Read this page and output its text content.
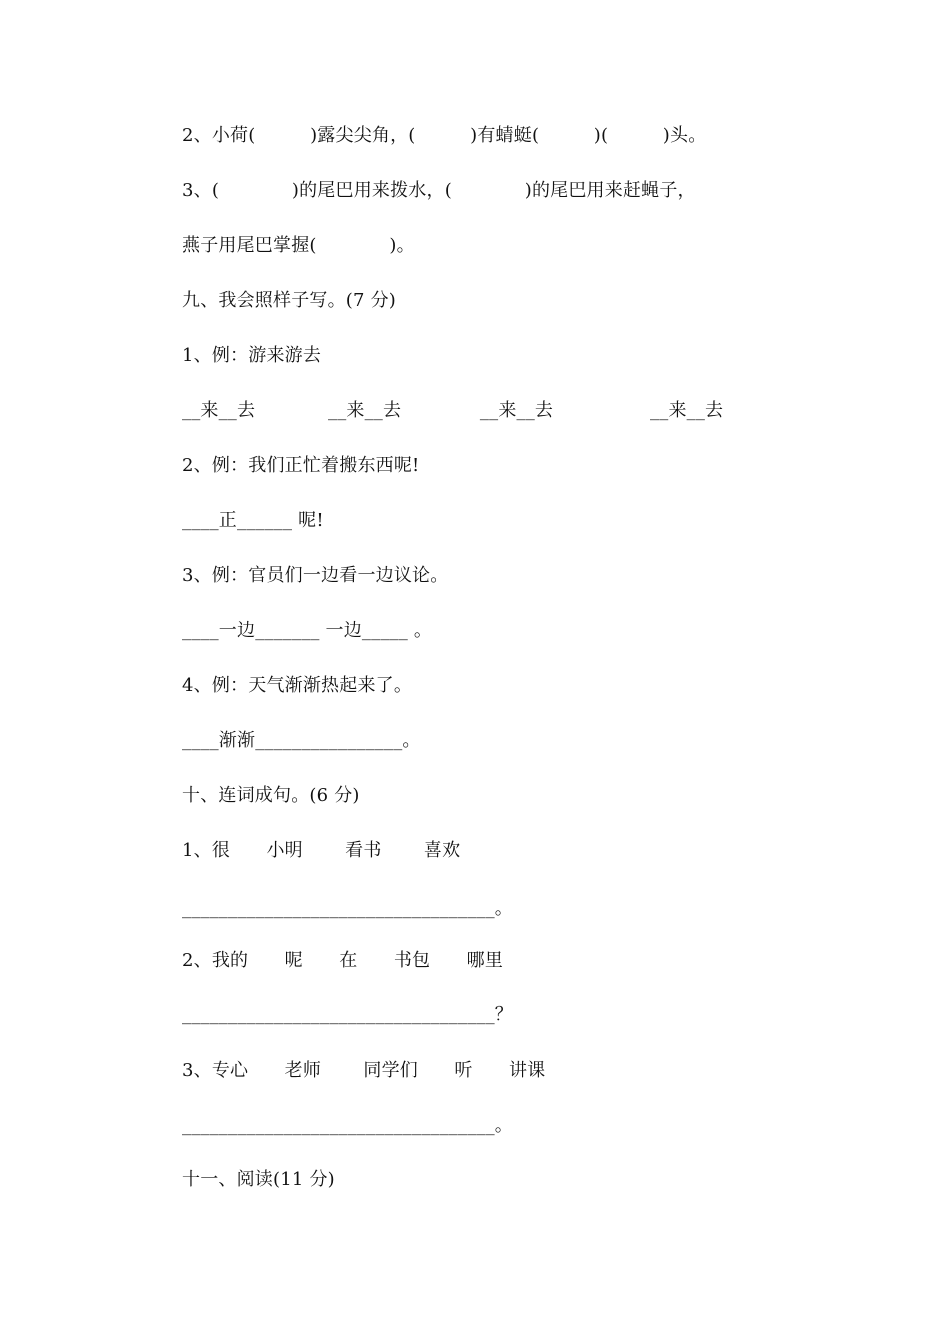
2、小荷(　　　)露尖尖角，(　　　)有蜻蜓(　　　)(　　　)头。
3、(　　　　)的尾巴用来拨水，(　　　　)的尾巴用来赶蝇子，
燕子用尾巴掌握(　　　　)。
九、我会照样子写。(7 分)
1、例：游来游去
__来__去　　　　__来__去　　　　 __来__去　　　　　 __来__去
2、例：我们正忙着搬东西呢!
____正______ 呢!
3、例：官员们一边看一边议论。
____一边_______ 一边_____ 。
4、例：天气渐渐热起来了。
____渐渐________________。
十、连词成句。(6 分)
1、很　　小明　　 看书　　 喜欢
__________________________________。
2、我的　　呢　　在　　书包　　哪里
__________________________________？
3、专心　　老师　　 同学们　　听　　讲课
__________________________________。
十一、阅读(11 分)
